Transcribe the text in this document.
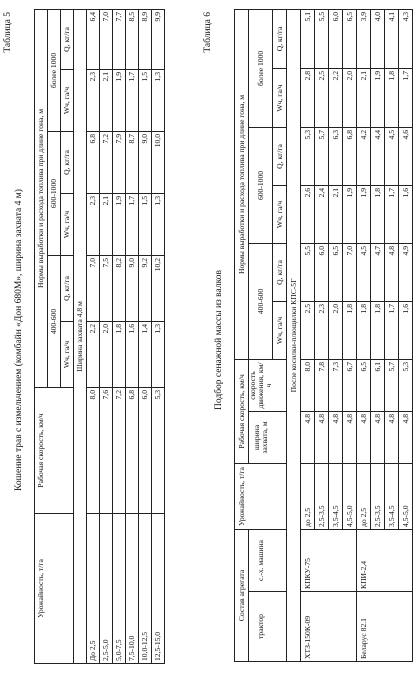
Таблица 5
Кошение трав с измельчением (комбайн «Дон 680М», ширина захвата 4 м)
Урожайность, т/га	Рабочая скорость, км/ч	Нормы выработки и расхода топлива при длине гона, м					
		400-600		600-1000		более 1000	
		Wч, га/ч	Q, кг/га	Wч, га/ч	Q, кг/га	Wч, га/ч	Q, кг/га
Ширина захвата 4,8 м							
До 2,5	8,0	2,2	7,0	2,3	6,8	2,3	6,4
2,5-5,0	7,6	2,0	7,5	2,1	7,2	2,1	7,0
5,0-7,5	7,2	1,8	8,2	1,9	7,9	1,9	7,7
7,5-10,0	6,8	1,6	9,0	1,7	8,7	1,7	8,5
10,0-12,5	6,0	1,4	9,2	1,5	9,0	1,5	8,9
12,5-15,0	5,3	1,3	10,2	1,3	10,0	1,3	9,9	Таблица 6
Подбор сенажной массы из валков
Состав агрегата		Урожайность, т/га	Рабочая скорость, км/ч		Нормы выработки и расхода топлива при длине гона, м					
трактор	с.-х. машина		ширина захвата, м	скорость движения, км/ч	400-600		600-1000		более 1000	
					Wч, га/ч	Q, кг/га	Wч, га/ч	Q, кг/га	Wч, га/ч	Q, кг/га
После косилки-плющилки КПС-5Г										
ХТЗ-150К-09	КПКУ-75	до 2,5	4,8	8,0	2,5	5,5	2,6	5,3	2,8	5,1
		2,5-3,5	4,8	7,8	2,3	6,0	2,4	5,7	2,5	5,5
		3,5-4,5	4,8	7,3	2,0	6,5	2,1	6,3	2,2	6,0
		4,5-5,0	4,8	6,7	1,8	7,0	1,9	6,8	2,0	6,5
Беларус 82.1	КПИ-2,4	до 2,5	4,8	6,5	1,8	4,5	1,9	4,2	2,1	3,9
		2,5-3,5	4,8	6,1	1,8	4,7	1,8	4,4	1,9	4,0
		3,5-4,5	4,8	5,7	1,7	4,8	1,7	4,5	1,8	4,1
		4,5-5,0	4,8	5,3	1,6	4,9	1,6	4,6	1,7	4,3
